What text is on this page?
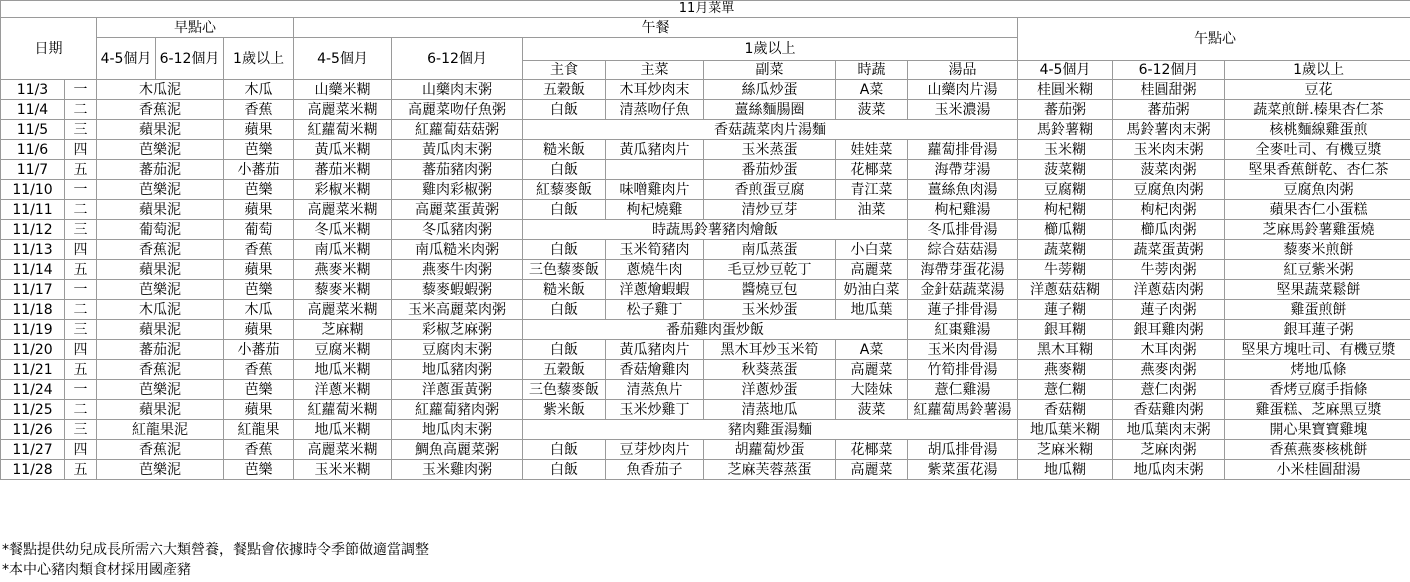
11月菜單														
日期		早點心			午餐							午點心		
		4-5個月	6-12個月	1歲以上	4-5個月	6-12個月	1歲以上							
							主食	主菜	副菜	時蔬	湯品	4-5個月	6-12個月	1歲以上
11/3	一	木瓜泥		木瓜	山藥米糊	山藥肉末粥	五穀飯	木耳炒肉末	絲瓜炒蛋	A菜	山藥肉片湯	桂圓米糊	桂圓甜粥	豆花
11/4	二	香蕉泥		香蕉	高麗菜米糊	高麗菜吻仔魚粥	白飯	清蒸吻仔魚	薑絲麵腸圈	菠菜	玉米濃湯	蕃茄粥	蕃茄粥	蔬菜煎餅.榛果杏仁茶
11/5	三	蘋果泥		蘋果	紅蘿蔔米糊	紅蘿蔔菇菇粥	香菇蔬菜肉片湯麵					馬鈴薯糊	馬鈴薯肉末粥	核桃麵線雞蛋煎
11/6	四	芭樂泥		芭樂	黃瓜米糊	黃瓜肉末粥	糙米飯	黃瓜豬肉片	玉米蒸蛋	娃娃菜	蘿蔔排骨湯	玉米糊	玉米肉末粥	全麥吐司、有機豆漿
11/7	五	蕃茄泥		小蕃茄	蕃茄米糊	蕃茄豬肉粥	白飯		番茄炒蛋	花椰菜	海帶芽湯	菠菜糊	菠菜肉粥	堅果香蕉餅乾、杏仁茶
11/10	一	芭樂泥		芭樂	彩椒米糊	雞肉彩椒粥	紅藜麥飯	味噌雞肉片	香煎蛋豆腐	青江菜	薑絲魚肉湯	豆腐糊	豆腐魚肉粥	豆腐魚肉粥
11/11	二	蘋果泥		蘋果	高麗菜米糊	高麗菜蛋黃粥	白飯	枸杞燒雞	清炒豆芽	油菜	枸杞雞湯	枸杞糊	枸杞肉粥	蘋果杏仁小蛋糕
11/12	三	葡萄泥		葡萄	冬瓜米糊	冬瓜豬肉粥	時蔬馬鈴薯豬肉燴飯				冬瓜排骨湯	櫛瓜糊	櫛瓜肉粥	芝麻馬鈴薯雞蛋燒
11/13	四	香蕉泥		香蕉	南瓜米糊	南瓜糙米肉粥	白飯	玉米筍豬肉	南瓜蒸蛋	小白菜	綜合菇菇湯	蔬菜糊	蔬菜蛋黃粥	藜麥米煎餅
11/14	五	蘋果泥		蘋果	燕麥米糊	燕麥牛肉粥	三色藜麥飯	蔥燒牛肉	毛豆炒豆乾丁	高麗菜	海帶芽蛋花湯	牛蒡糊	牛蒡肉粥	紅豆紫米粥
11/17	一	芭樂泥		芭樂	藜麥米糊	藜麥蝦蝦粥	糙米飯	洋蔥燴蝦蝦	醬燒豆包	奶油白菜	金針菇蔬菜湯	洋蔥菇菇糊	洋蔥菇肉粥	堅果蔬菜鬆餅
11/18	二	木瓜泥		木瓜	高麗菜米糊	玉米高麗菜肉粥	白飯	松子雞丁	玉米炒蛋	地瓜葉	蓮子排骨湯	蓮子糊	蓮子肉粥	雞蛋煎餅
11/19	三	蘋果泥		蘋果	芝麻糊	彩椒芝麻粥	番茄雞肉蛋炒飯				紅棗雞湯	銀耳糊	銀耳雞肉粥	銀耳蓮子粥
11/20	四	蕃茄泥		小蕃茄	豆腐米糊	豆腐肉末粥	白飯	黃瓜豬肉片	黑木耳炒玉米筍	A菜	玉米肉骨湯	黑木耳糊	木耳肉粥	堅果方塊吐司、有機豆漿
11/21	五	香蕉泥		香蕉	地瓜米糊	地瓜豬肉粥	五穀飯	香菇燴雞肉	秋葵蒸蛋	高麗菜	竹筍排骨湯	燕麥糊	燕麥肉粥	烤地瓜條
11/24	一	芭樂泥		芭樂	洋蔥米糊	洋蔥蛋黃粥	三色藜麥飯	清蒸魚片	洋蔥炒蛋	大陸妹	薏仁雞湯	薏仁糊	薏仁肉粥	香烤豆腐手指條
11/25	二	蘋果泥		蘋果	紅蘿蔔米糊	紅蘿蔔豬肉粥	紫米飯	玉米炒雞丁	清蒸地瓜	菠菜	紅蘿蔔馬鈴薯湯	香菇糊	香菇雞肉粥	雞蛋糕、芝麻黑豆漿
11/26	三	紅龍果泥		紅龍果	地瓜米糊	地瓜肉末粥	豬肉雞蛋湯麵					地瓜葉米糊	地瓜葉肉末粥	開心果寶寶雞塊
11/27	四	香蕉泥		香蕉	高麗菜米糊	鯛魚高麗菜粥	白飯	豆芽炒肉片	胡蘿蔔炒蛋	花椰菜	胡瓜排骨湯	芝麻米糊	芝麻肉粥	香蕉燕麥核桃餅
11/28	五	芭樂泥		芭樂	玉米米糊	玉米雞肉粥	白飯	魚香茄子	芝麻芙蓉蒸蛋	高麗菜	紫菜蛋花湯	地瓜糊	地瓜肉末粥	小米桂圓甜湯
*餐點提供幼兒成長所需六大類營養，餐點會依據時令季節做適當調整
*本中心豬肉類食材採用國產豬
